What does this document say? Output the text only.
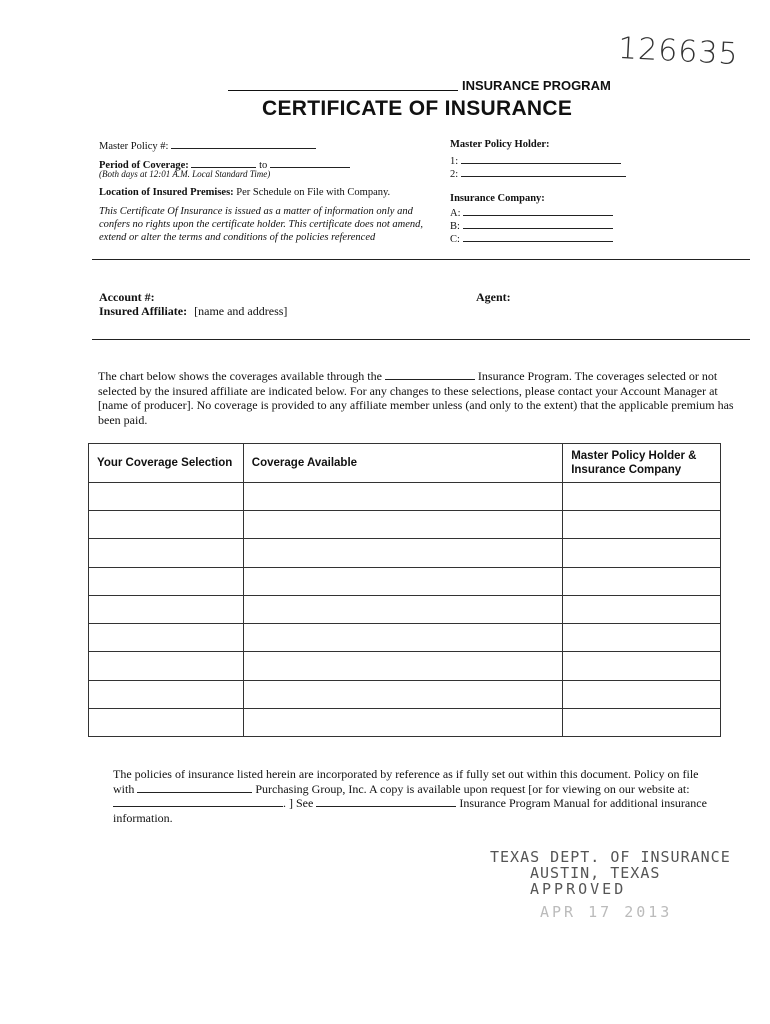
126635
INSURANCE PROGRAM
CERTIFICATE OF INSURANCE
Master Policy #:
Period of Coverage:	to
(Both days at 12:01 A.M. Local Standard Time)
Location of Insured Premises: Per Schedule on File with Company.
This Certificate Of Insurance is issued as a matter of information only and confers no rights upon the certificate holder. This certificate does not amend, extend or alter the terms and conditions of the policies referenced
Master Policy Holder:
1:
2:
Insurance Company:
A:
B:
C:
Account #:
Insured Affiliate: [name and address]
Agent:
The chart below shows the coverages available through the	Insurance Program. The coverages selected or not selected by the insured affiliate are indicated below. For any changes to these selections, please contact your Account Manager at [name of producer]. No coverage is provided to any affiliate member unless (and only to the extent) that the applicable premium has been paid.
Your Coverage Selection	Coverage Available	Master Policy Holder & Insurance Company

The policies of insurance listed herein are incorporated by reference as if fully set out within this document. Policy on file with	Purchasing Group, Inc. A copy is available upon request [or for viewing on our website at: . ] See	Insurance Program Manual for additional insurance information.
TEXAS DEPT. OF INSURANCE
AUSTIN, TEXAS
APPROVED
APR 17 2013
